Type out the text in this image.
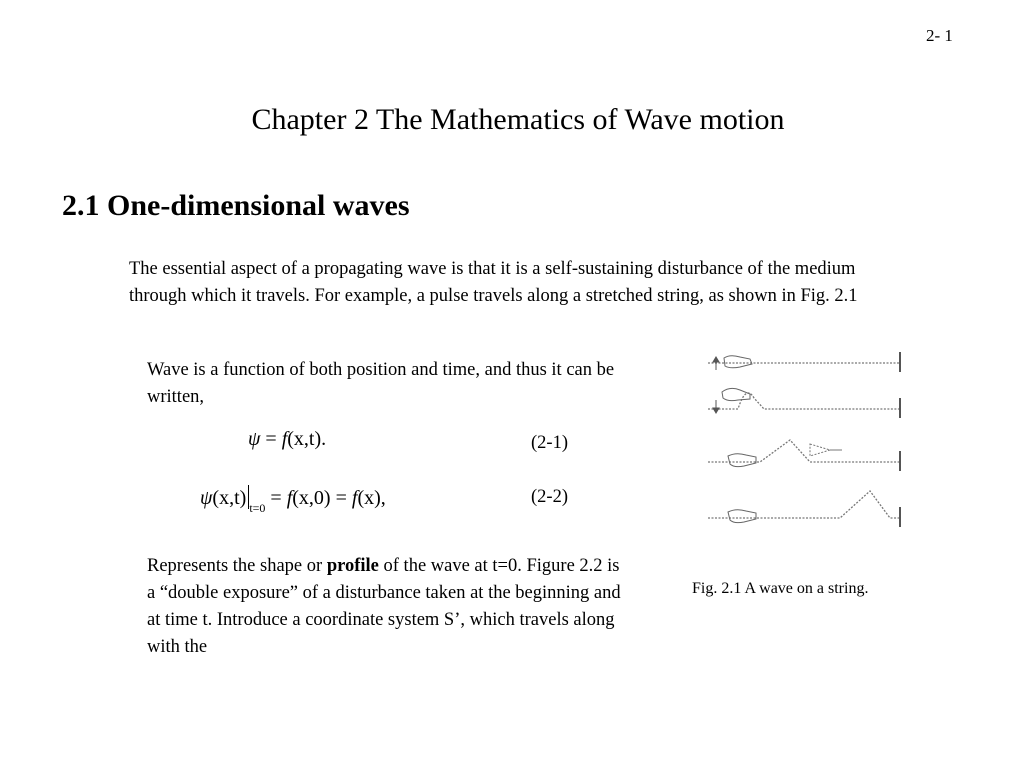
2- 1
Chapter 2 The Mathematics of Wave motion
2.1 One-dimensional waves
The essential aspect of a propagating wave is that it is a self-sustaining disturbance of the medium through which it travels. For example, a pulse travels along a stretched string, as shown in Fig. 2.1
Wave is a function of both position and time, and thus it can be written,
ψ = f(x,t).	(2-1)
ψ(x,t) $_{t=0}$ = f(x,0) = f(x),	(2-2)
Represents the shape or profile of the wave at t=0. Figure 2.2 is a “double exposure” of a disturbance taken at the beginning and at time t. Introduce a coordinate system S’, which travels along with the
Fig. 2.1 A wave on a string.
